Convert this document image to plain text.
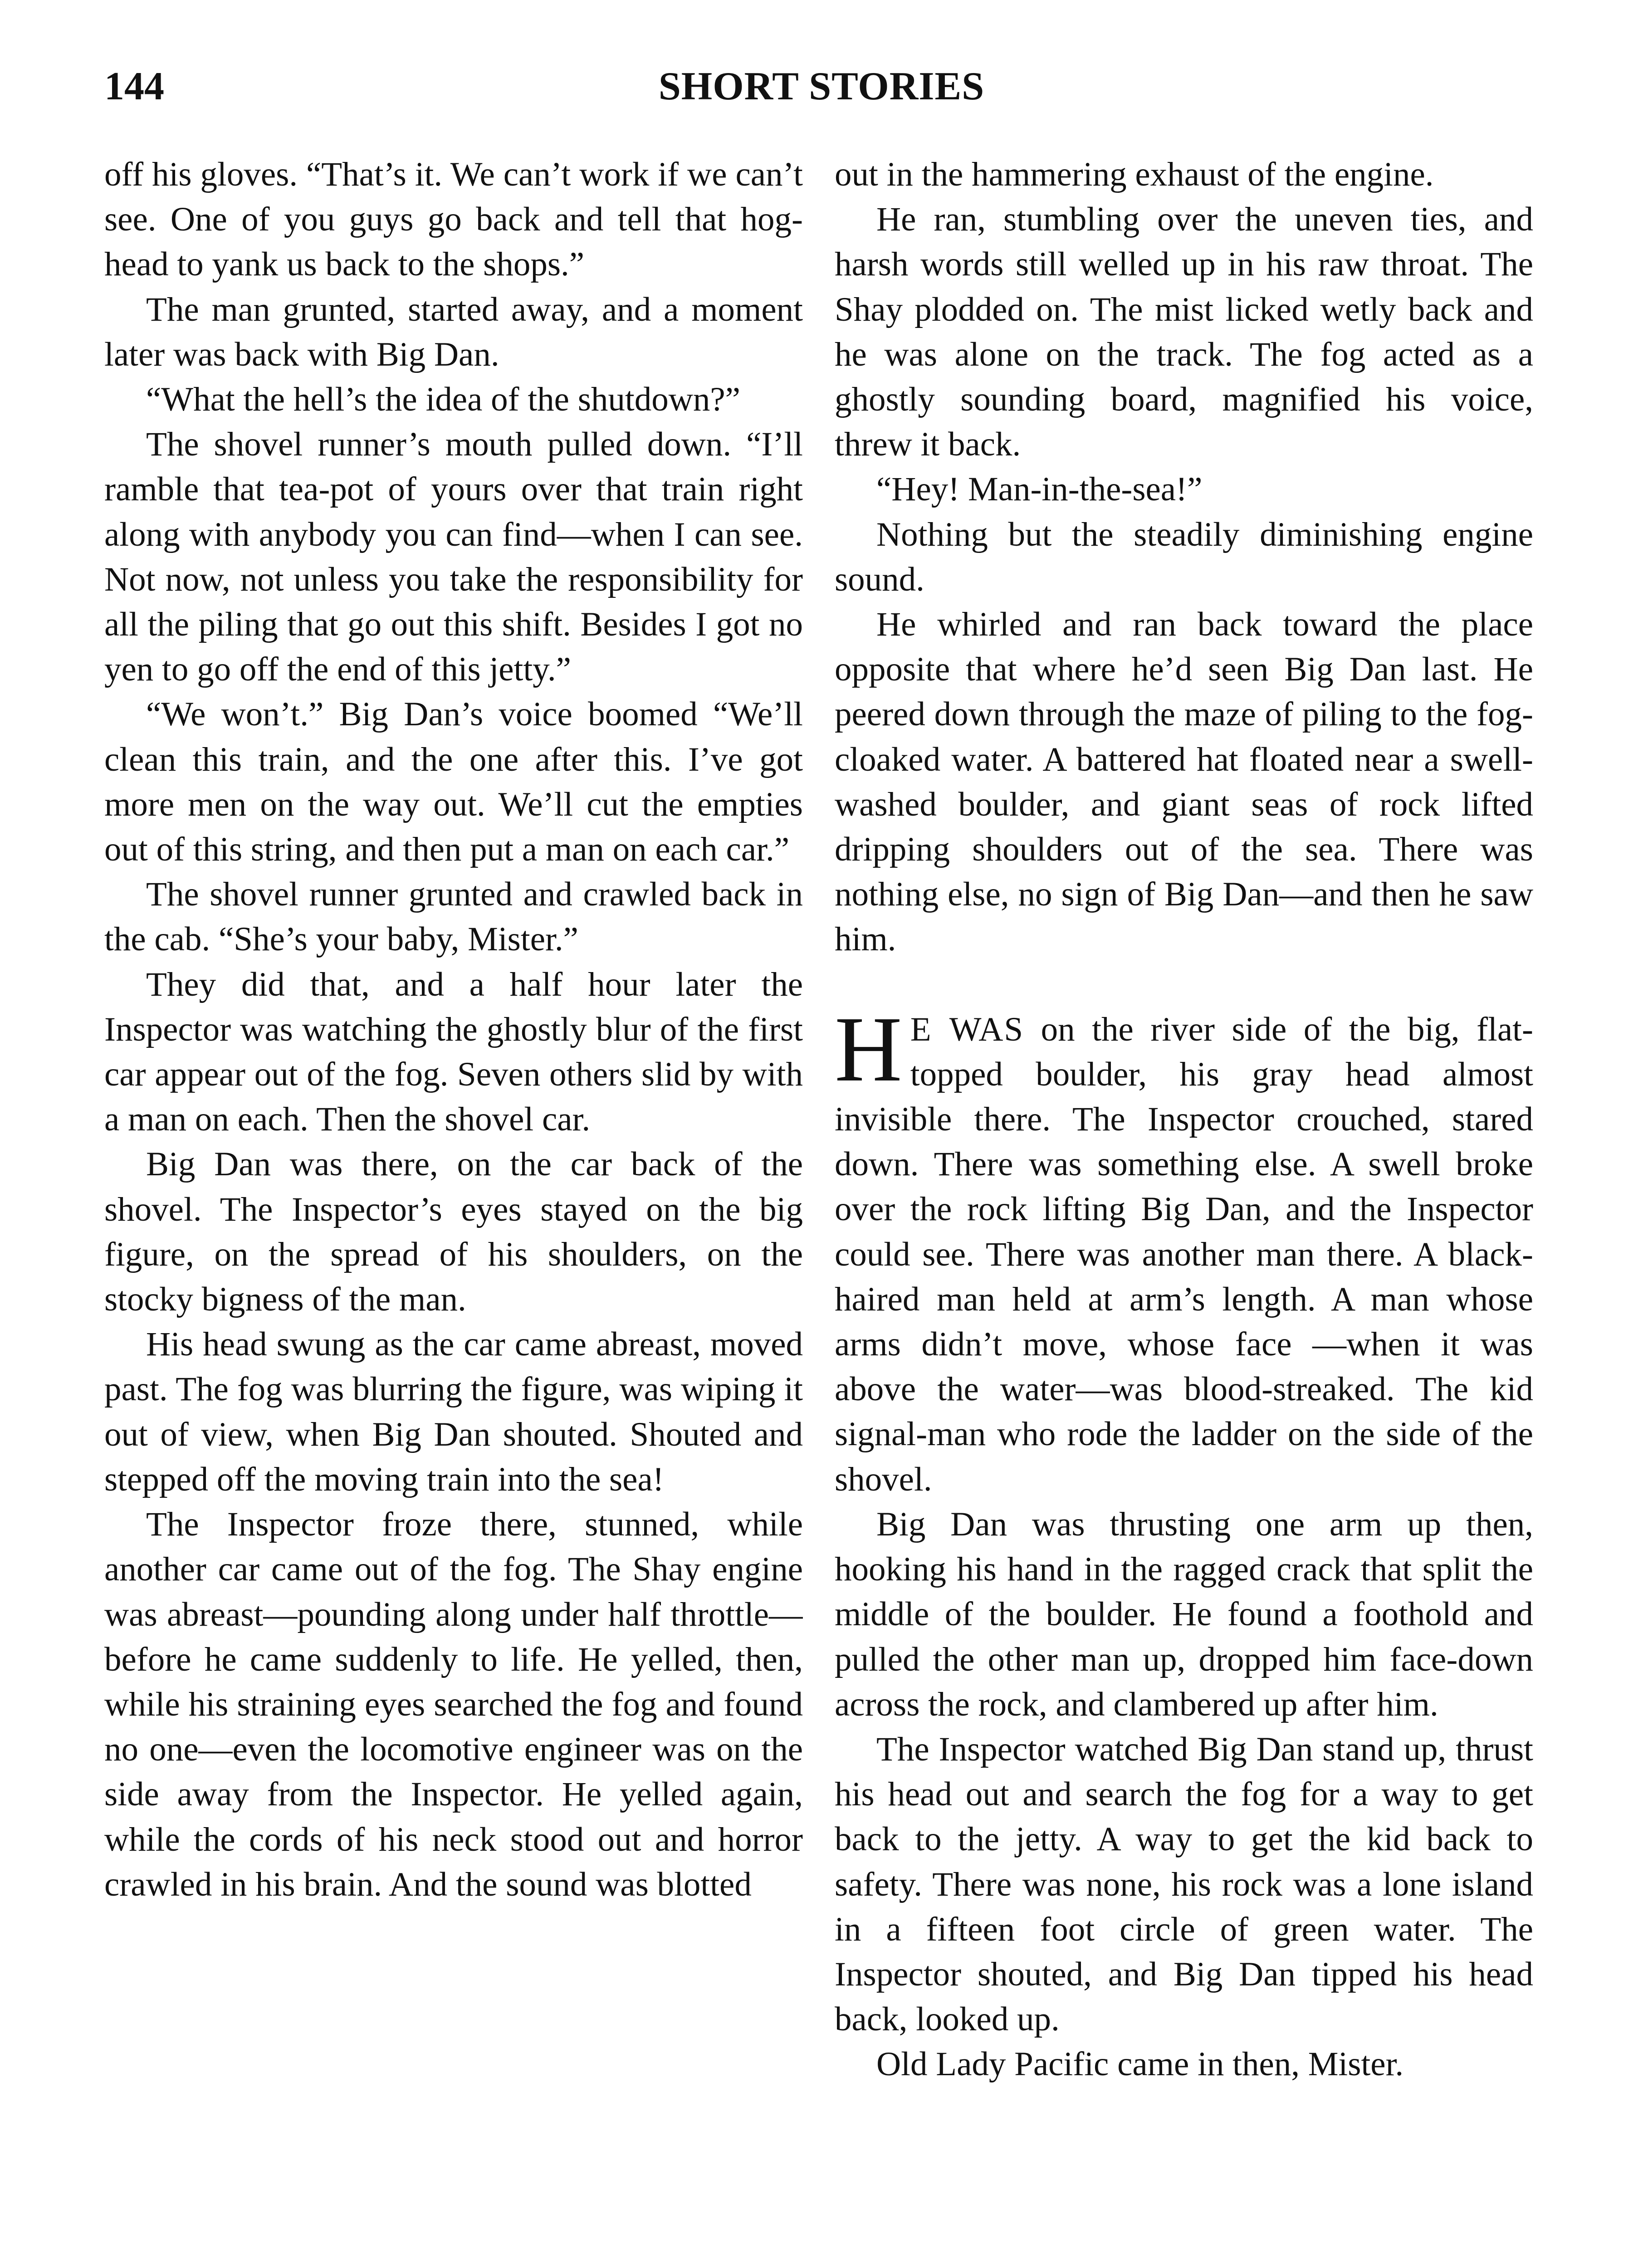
144	SHORT STORIES

off his gloves. “That’s it. We can’t work if we can’t see. One of you guys go back and tell that hog-head to yank us back to the shops.”

The man grunted, started away, and a moment later was back with Big Dan.

“What the hell’s the idea of the shutdown?”

The shovel runner’s mouth pulled down. “I’ll ramble that tea-pot of yours over that train right along with anybody you can find—when I can see. Not now, not unless you take the responsibility for all the piling that go out this shift. Besides I got no yen to go off the end of this jetty.”

“We won’t.” Big Dan’s voice boomed “We’ll clean this train, and the one after this. I’ve got more men on the way out. We’ll cut the empties out of this string, and then put a man on each car.”

The shovel runner grunted and crawled back in the cab. “She’s your baby, Mister.”

They did that, and a half hour later the Inspector was watching the ghostly blur of the first car appear out of the fog. Seven others slid by with a man on each. Then the shovel car.

Big Dan was there, on the car back of the shovel. The Inspector’s eyes stayed on the big figure, on the spread of his shoulders, on the stocky bigness of the man.

His head swung as the car came abreast, moved past. The fog was blurring the figure, was wiping it out of view, when Big Dan shouted. Shouted and stepped off the moving train into the sea!

The Inspector froze there, stunned, while another car came out of the fog. The Shay engine was abreast—pounding along under half throttle—before he came suddenly to life. He yelled, then, while his straining eyes searched the fog and found no one—even the locomotive engineer was on the side away from the Inspector. He yelled again, while the cords of his neck stood out and horror crawled in his brain. And the sound was blotted

out in the hammering exhaust of the engine.

He ran, stumbling over the uneven ties, and harsh words still welled up in his raw throat. The Shay plodded on. The mist licked wetly back and he was alone on the track. The fog acted as a ghostly sounding board, magnified his voice, threw it back.

“Hey! Man-in-the-sea!”

Nothing but the steadily diminishing engine sound.

He whirled and ran back toward the place opposite that where he’d seen Big Dan last. He peered down through the maze of piling to the fog-cloaked water. A battered hat floated near a swell-washed boulder, and giant seas of rock lifted dripping shoulders out of the sea. There was nothing else, no sign of Big Dan—and then he saw him.

H E WAS on the river side of the big, flat-topped boulder, his gray head almost invisible there. The Inspector crouched, stared down. There was something else. A swell broke over the rock lifting Big Dan, and the Inspector could see. There was another man there. A black-haired man held at arm’s length. A man whose arms didn’t move, whose face —when it was above the water—was blood-streaked. The kid signal-man who rode the ladder on the side of the shovel.

Big Dan was thrusting one arm up then, hooking his hand in the ragged crack that split the middle of the boulder. He found a foothold and pulled the other man up, dropped him face-down across the rock, and clambered up after him.

The Inspector watched Big Dan stand up, thrust his head out and search the fog for a way to get back to the jetty. A way to get the kid back to safety. There was none, his rock was a lone island in a fifteen foot circle of green water. The Inspector shouted, and Big Dan tipped his head back, looked up.

Old Lady Pacific came in then, Mister.
